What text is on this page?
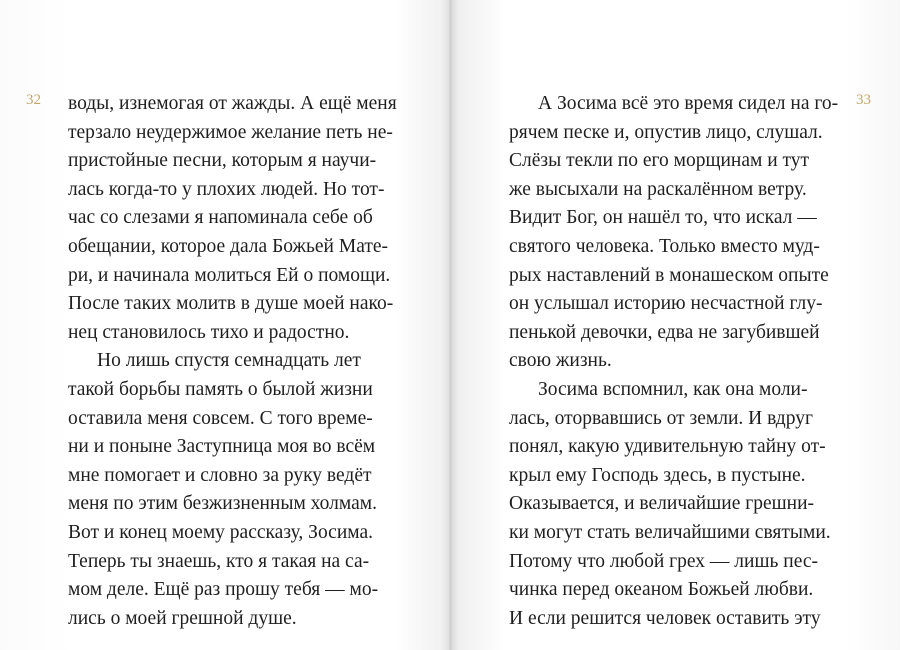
32 воды, изнемогая от жажды. А ещё меня
терзало неудержимое желание петь не-
пристойные песни, которым я научи-
лась когда-то у плохих людей. Но тот-
час со слезами я напоминала себе об
обещании, которое дала Божьей Мате-
ри, и начинала молиться Ей о помощи.
После таких молитв в душе моей нако-
нец становилось тихо и радостно.
Но лишь спустя семнадцать лет
такой борьбы память о былой жизни
оставила меня совсем. С того време-
ни и поныне Заступница моя во всём
мне помогает и словно за руку ведёт
меня по этим безжизненным холмам.
Вот и конец моему рассказу, Зосима.
Теперь ты знаешь, кто я такая на са-
мом деле. Ещё раз прошу тебя — мо-
лись о моей грешной душе.

33

А Зосима всё это время сидел на го-
рячем песке и, опустив лицо, слушал.
Слёзы текли по его морщинам и тут
же высыхали на раскалённом ветру.
Видит Бог, он нашёл то, что искал —
святого человека. Только вместо муд-
рых наставлений в монашеском опыте
он услышал историю несчастной глу-
пенькой девочки, едва не загубившей
свою жизнь.
Зосима вспомнил, как она моли-
лась, оторвавшись от земли. И вдруг
понял, какую удивительную тайну от-
крыл ему Господь здесь, в пустыне.
Оказывается, и величайшие грешни-
ки могут стать величайшими святыми.
Потому что любой грех — лишь пес-
чинка перед океаном Божьей любви.
И если решится человек оставить эту
